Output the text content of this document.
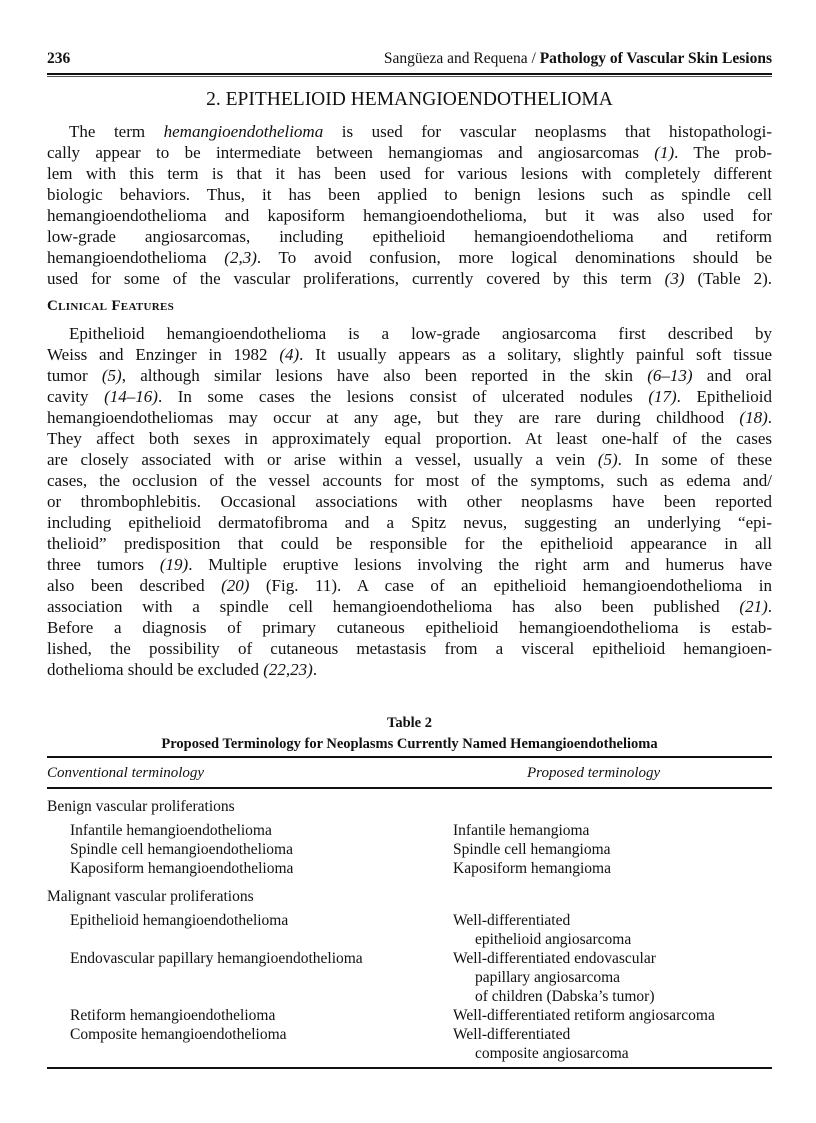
236	Sangüeza and Requena / Pathology of Vascular Skin Lesions
2. EPITHELIOID HEMANGIOENDOTHELIOMA
The term hemangioendothelioma is used for vascular neoplasms that histopathologi-
cally appear to be intermediate between hemangiomas and angiosarcomas (1). The prob-
lem with this term is that it has been used for various lesions with completely different
biologic behaviors. Thus, it has been applied to benign lesions such as spindle cell
hemangioendothelioma and kaposiform hemangioendothelioma, but it was also used for
low-grade angiosarcomas, including epithelioid hemangioendothelioma and retiform
hemangioendothelioma (2,3). To avoid confusion, more logical denominations should be
used for some of the vascular proliferations, currently covered by this term (3) (Table 2).
Clinical Features
Epithelioid hemangioendothelioma is a low-grade angiosarcoma first described by
Weiss and Enzinger in 1982 (4). It usually appears as a solitary, slightly painful soft tissue
tumor (5), although similar lesions have also been reported in the skin (6–13) and oral
cavity (14–16). In some cases the lesions consist of ulcerated nodules (17). Epithelioid
hemangioendotheliomas may occur at any age, but they are rare during childhood (18).
They affect both sexes in approximately equal proportion. At least one-half of the cases
are closely associated with or arise within a vessel, usually a vein (5). In some of these
cases, the occlusion of the vessel accounts for most of the symptoms, such as edema and/
or thrombophlebitis. Occasional associations with other neoplasms have been reported
including epithelioid dermatofibroma and a Spitz nevus, suggesting an underlying “epi-
thelioid” predisposition that could be responsible for the epithelioid appearance in all
three tumors (19). Multiple eruptive lesions involving the right arm and humerus have
also been described (20) (Fig. 11). A case of an epithelioid hemangioendothelioma in
association with a spindle cell hemangioendothelioma has also been published (21).
Before a diagnosis of primary cutaneous epithelioid hemangioendothelioma is estab-
lished, the possibility of cutaneous metastasis from a visceral epithelioid hemangioen-
dothelioma should be excluded (22,23).
Table 2
Proposed Terminology for Neoplasms Currently Named Hemangioendothelioma
Conventional terminology	Proposed terminology
Benign vascular proliferations
Infantile hemangioendothelioma	Infantile hemangioma
Spindle cell hemangioendothelioma	Spindle cell hemangioma
Kaposiform hemangioendothelioma	Kaposiform hemangioma
Malignant vascular proliferations
Epithelioid hemangioendothelioma	Well-differentiated
epithelioid angiosarcoma
Endovascular papillary hemangioendothelioma	Well-differentiated endovascular
papillary angiosarcoma
of children (Dabska’s tumor)
Retiform hemangioendothelioma	Well-differentiated retiform angiosarcoma
Composite hemangioendothelioma	Well-differentiated
composite angiosarcoma
